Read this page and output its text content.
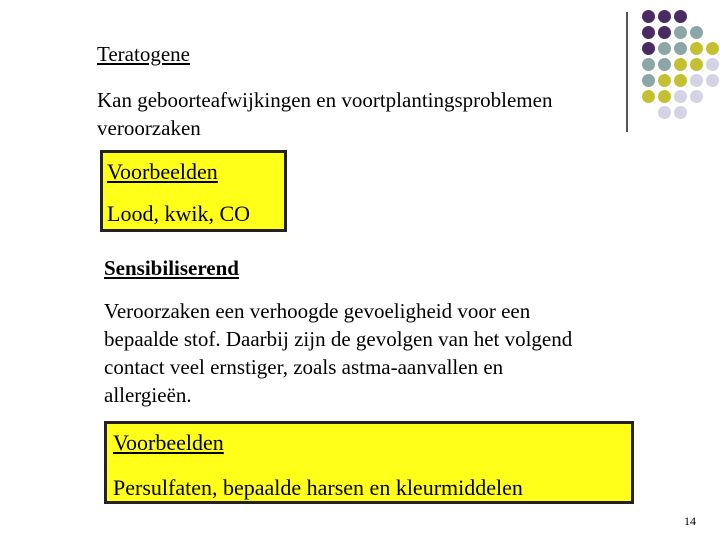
Teratogene

Kan geboorteafwijkingen en voortplantingsproblemen veroorzaken

Voorbeelden

Lood, kwik, CO

Sensibiliserend

Veroorzaken een verhoogde gevoeligheid voor een bepaalde stof. Daarbij zijn de gevolgen van het volgend contact veel ernstiger, zoals astma-aanvallen en allergieën.

Voorbeelden

Persulfaten, bepaalde harsen en kleurmiddelen

14
